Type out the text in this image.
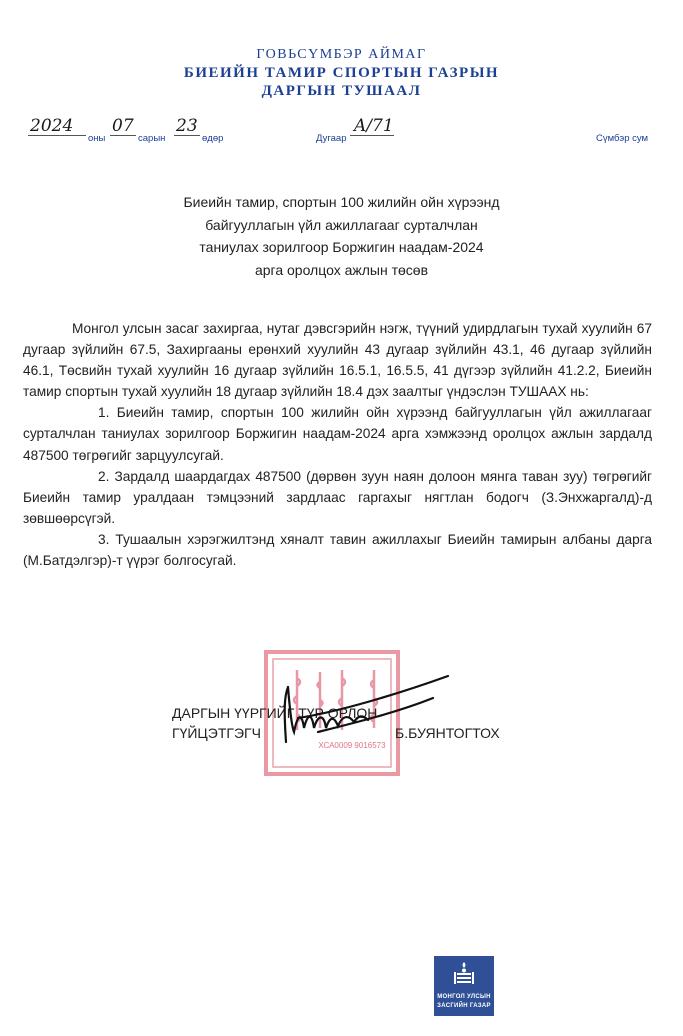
ГОВЬСҮМБЭР АЙМАГ
БИЕИЙН ТАМИР СПОРТЫН ГАЗРЫН
ДАРГЫН ТУШААЛ
2024
оны
07
сарын
23
өдөр	Дугаар
A/71
Сүмбэр сум
Биеийн тамир, спортын 100 жилийн ойн хүрээнд
байгууллагын үйл ажиллагааг сурталчлан
таниулах зорилгоор Боржигин наадам-2024
арга оролцох ажлын төсөв

Монгол улсын засаг захиргаа, нутаг дэвсгэрийн нэгж, түүний удирдлагын тухай хуулийн 67 дугаар зүйлийн 67.5, Захиргааны ерөнхий хуулийн 43 дугаар зүйлийн 43.1, 46 дугаар зүйлийн 46.1, Төсвийн тухай хуулийн 16 дугаар зүйлийн 16.5.1, 16.5.5, 41 дүгээр зүйлийн 41.2.2, Биеийн тамир спортын тухай хуулийн 18 дугаар зүйлийн 18.4 дэх заалтыг үндэслэн ТУШААХ нь:

1. Биеийн тамир, спортын 100 жилийн ойн хүрээнд байгууллагын үйл ажиллагааг сурталчлан таниулах зорилгоор Боржигин наадам-2024 арга хэмжээнд оролцох ажлын зардалд 487500 төгрөгийг зарцуулсугай.

2. Зардалд шаардагдах 487500 (дөрвөн зуун наян долоон мянга таван зуу) төгрөгийг Биеийн тамир уралдаан тэмцээний зардлаас гаргахыг нягтлан бодогч (З.Энхжаргалд)-д зөвшөөрсүгэй.

3. Тушаалын хэрэгжилтэнд хяналт тавин ажиллахыг Биеийн тамирын албаны дарга (М.Батдэлгэр)-т үүрэг болгосугай.

ХСА0009 9016573
ДАРГЫН ҮҮРГИЙГ ТҮР ОРЛОН
ГҮЙЦЭТГЭГЧ	Б.БУЯНТОГТОХ
МОНГОЛ УЛСЫН
ЗАСГИЙН ГАЗАР
